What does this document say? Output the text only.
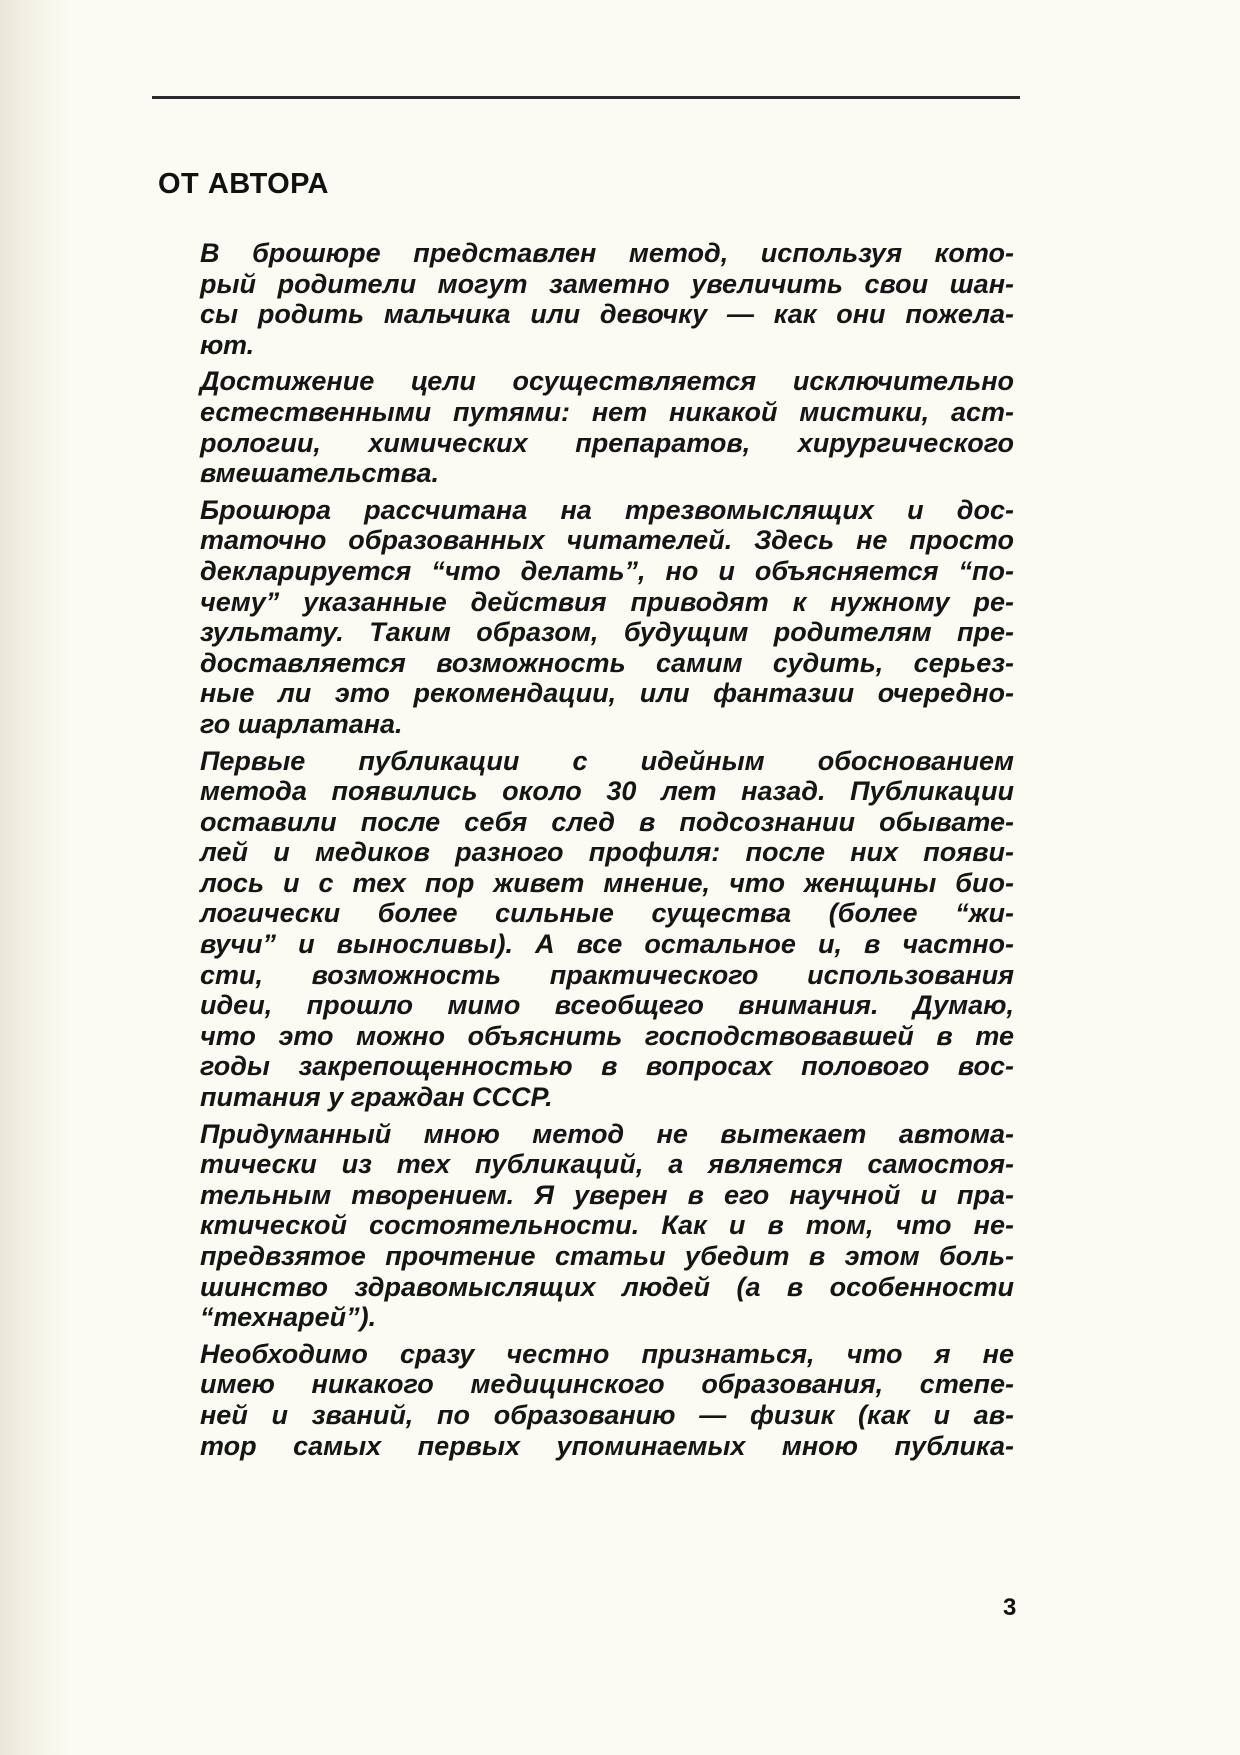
ОТ АВТОРА

В брошюре представлен метод, используя кото-
рый родители могут заметно увеличить свои шан-
сы родить мальчика или девочку — как они пожела-
ют.

Достижение цели осуществляется исключительно
естественными путями: нет никакой мистики, аст-
рологии, химических препаратов, хирургического
вмешательства.

Брошюра рассчитана на трезвомыслящих и дос-
таточно образованных читателей. Здесь не просто
декларируется “что делать”, но и объясняется “по-
чему” указанные действия приводят к нужному ре-
зультату. Таким образом, будущим родителям пре-
доставляется возможность самим судить, серьез-
ные ли это рекомендации, или фантазии очередно-
го шарлатана.

Первые публикации с идейным обоснованием
метода появились около 30 лет назад. Публикации
оставили после себя след в подсознании обывате-
лей и медиков разного профиля: после них появи-
лось и с тех пор живет мнение, что женщины био-
логически более сильные существа (более “жи-
вучи” и выносливы). А все остальное и, в частно-
сти, возможность практического использования
идеи, прошло мимо всеобщего внимания. Думаю,
что это можно объяснить господствовавшей в те
годы закрепощенностью в вопросах полового вос-
питания у граждан СССР.

Придуманный мною метод не вытекает автома-
тически из тех публикаций, а является самостоя-
тельным творением. Я уверен в его научной и пра-
ктической состоятельности. Как и в том, что не-
предвзятое прочтение статьи убедит в этом боль-
шинство здравомыслящих людей (а в особенности
“технарей”).

Необходимо сразу честно признаться, что я не
имею никакого медицинского образования, степе-
ней и званий, по образованию — физик (как и ав-
тор самых первых упоминаемых мною публика-

3
